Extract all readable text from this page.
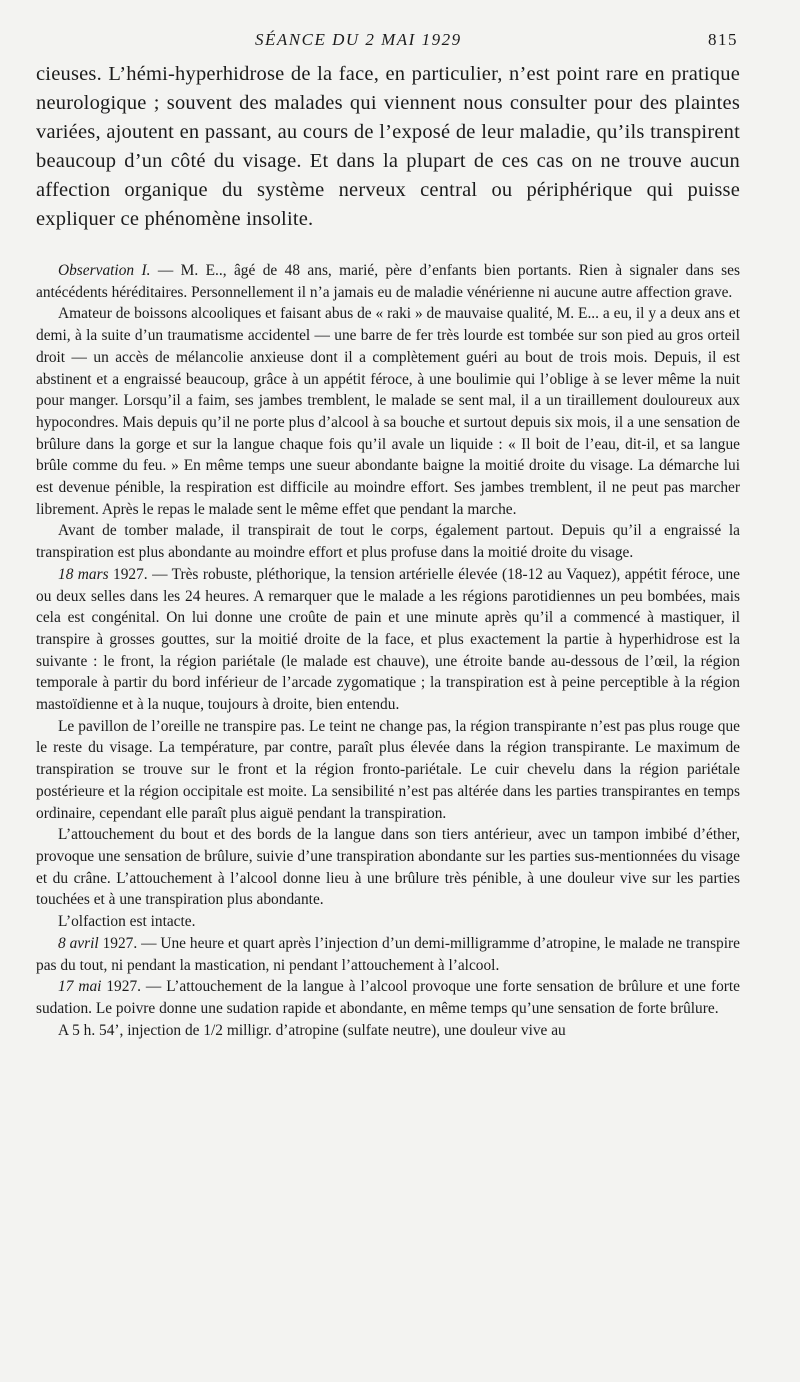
SÉANCE DU 2 MAI 1929	815

cieuses. L’hémi-hyperhidrose de la face, en particulier, n’est point rare en pratique neurologique ; souvent des malades qui viennent nous consulter pour des plaintes variées, ajoutent en passant, au cours de l’exposé de leur maladie, qu’ils transpirent beaucoup d’un côté du visage. Et dans la plupart de ces cas on ne trouve aucun affection organique du système nerveux central ou périphérique qui puisse expliquer ce phénomène insolite.

Observation I. — M. E.., âgé de 48 ans, marié, père d’enfants bien portants. Rien à signaler dans ses antécédents héréditaires. Personnellement il n’a jamais eu de maladie vénérienne ni aucune autre affection grave.

Amateur de boissons alcooliques et faisant abus de « raki » de mauvaise qualité, M. E... a eu, il y a deux ans et demi, à la suite d’un traumatisme accidentel — une barre de fer très lourde est tombée sur son pied au gros orteil droit — un accès de mélancolie anxieuse dont il a complètement guéri au bout de trois mois. Depuis, il est abstinent et a engraissé beaucoup, grâce à un appétit féroce, à une boulimie qui l’oblige à se lever même la nuit pour manger. Lorsqu’il a faim, ses jambes tremblent, le malade se sent mal, il a un tiraillement douloureux aux hypocondres. Mais depuis qu’il ne porte plus d’alcool à sa bouche et surtout depuis six mois, il a une sensation de brûlure dans la gorge et sur la langue chaque fois qu’il avale un liquide : « Il boit de l’eau, dit-il, et sa langue brûle comme du feu. » En même temps une sueur abondante baigne la moitié droite du visage. La démarche lui est devenue pénible, la respiration est difficile au moindre effort. Ses jambes tremblent, il ne peut pas marcher librement. Après le repas le malade sent le même effet que pendant la marche.

Avant de tomber malade, il transpirait de tout le corps, également partout. Depuis qu’il a engraissé la transpiration est plus abondante au moindre effort et plus profuse dans la moitié droite du visage.

18 mars 1927. — Très robuste, pléthorique, la tension artérielle élevée (18-12 au Vaquez), appétit féroce, une ou deux selles dans les 24 heures. A remarquer que le malade a les régions parotidiennes un peu bombées, mais cela est congénital. On lui donne une croûte de pain et une minute après qu’il a commencé à mastiquer, il transpire à grosses gouttes, sur la moitié droite de la face, et plus exactement la partie à hyperhidrose est la suivante : le front, la région pariétale (le malade est chauve), une étroite bande au-dessous de l’œil, la région temporale à partir du bord inférieur de l’arcade zygomatique ; la transpiration est à peine perceptible à la région mastoïdienne et à la nuque, toujours à droite, bien entendu.

Le pavillon de l’oreille ne transpire pas. Le teint ne change pas, la région transpirante n’est pas plus rouge que le reste du visage. La température, par contre, paraît plus élevée dans la région transpirante. Le maximum de transpiration se trouve sur le front et la région fronto-pariétale. Le cuir chevelu dans la région pariétale postérieure et la région occipitale est moite. La sensibilité n’est pas altérée dans les parties transpirantes en temps ordinaire, cependant elle paraît plus aiguë pendant la transpiration.

L’attouchement du bout et des bords de la langue dans son tiers antérieur, avec un tampon imbibé d’éther, provoque une sensation de brûlure, suivie d’une transpiration abondante sur les parties sus-mentionnées du visage et du crâne. L’attouchement à l’alcool donne lieu à une brûlure très pénible, à une douleur vive sur les parties touchées et à une transpiration plus abondante.

L’olfaction est intacte.

8 avril 1927. — Une heure et quart après l’injection d’un demi-milligramme d’atropine, le malade ne transpire pas du tout, ni pendant la mastication, ni pendant l’attouchement à l’alcool.

17 mai 1927. — L’attouchement de la langue à l’alcool provoque une forte sensation de brûlure et une forte sudation. Le poivre donne une sudation rapide et abondante, en même temps qu’une sensation de forte brûlure.

A 5 h. 54’, injection de 1/2 milligr. d’atropine (sulfate neutre), une douleur vive au
